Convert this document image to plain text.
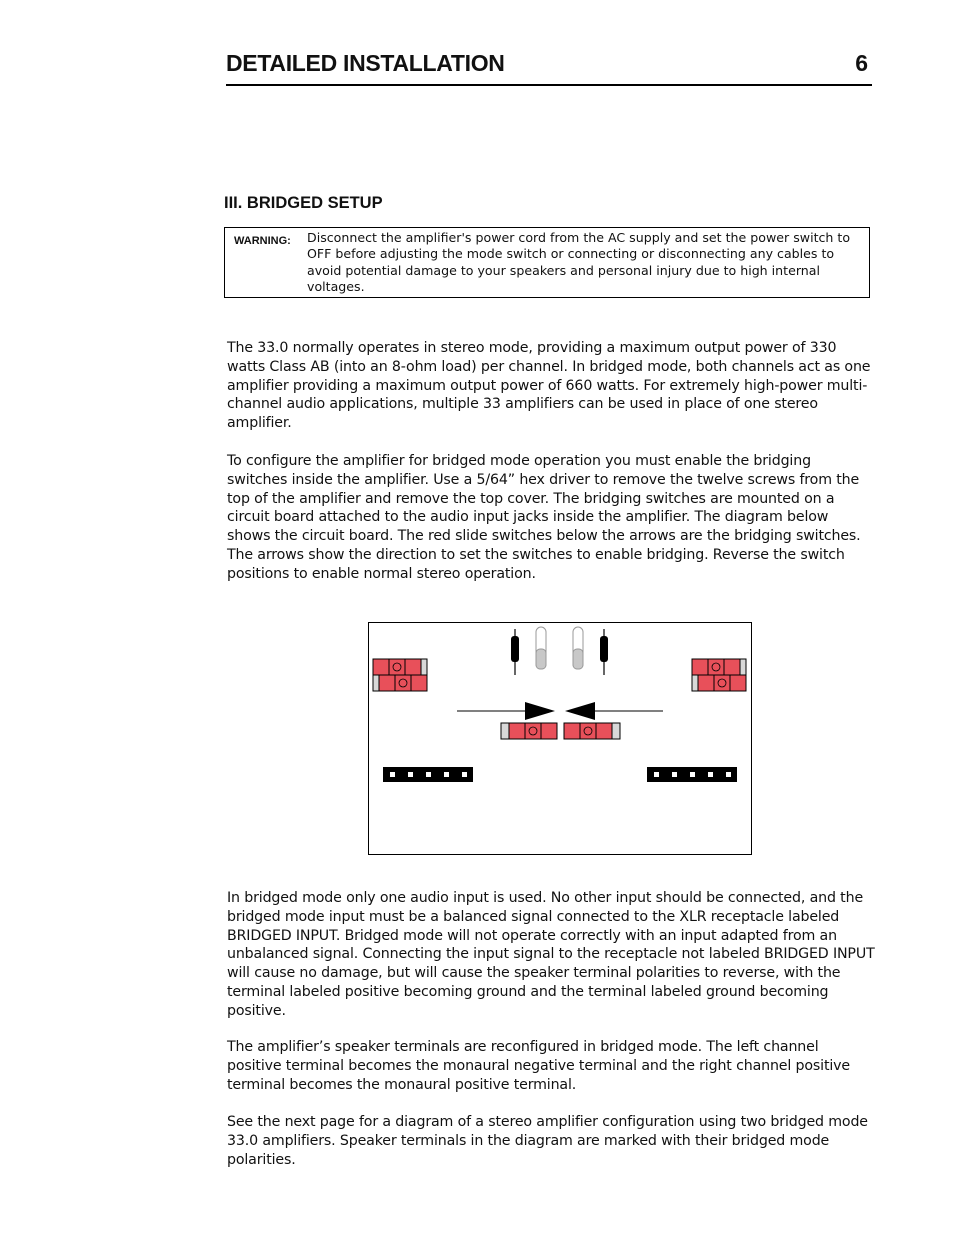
DETAILED INSTALLATION	6
III. BRIDGED SETUP
WARNING: Disconnect the amplifier's power cord from the AC supply and set the power switch to OFF before adjusting the mode switch or connecting or disconnecting any cables to avoid potential damage to your speakers and personal injury due to high internal voltages.

The 33.0 normally operates in stereo mode, providing a maximum output power of 330 watts Class AB (into an 8-ohm load) per channel. In bridged mode, both channels act as one amplifier providing a maximum output power of 660 watts. For extremely high-power multi-channel audio applications, multiple 33 amplifiers can be used in place of one stereo amplifier.

To configure the amplifier for bridged mode operation you must enable the bridging switches inside the amplifier. Use a 5/64” hex driver to remove the twelve screws from the top of the amplifier and remove the top cover. The bridging switches are mounted on a circuit board attached to the audio input jacks inside the amplifier. The diagram below shows the circuit board. The red slide switches below the arrows are the bridging switches. The arrows show the direction to set the switches to enable bridging. Reverse the switch positions to enable normal stereo operation.

In bridged mode only one audio input is used. No other input should be connected, and the bridged mode input must be a balanced signal connected to the XLR receptacle labeled BRIDGED INPUT. Bridged mode will not operate correctly with an input adapted from an unbalanced signal. Connecting the input signal to the receptacle not labeled BRIDGED INPUT will cause no damage, but will cause the speaker terminal polarities to reverse, with the terminal labeled positive becoming ground and the terminal labeled ground becoming positive.

The amplifier’s speaker terminals are reconfigured in bridged mode. The left channel positive terminal becomes the monaural negative terminal and the right channel positive terminal becomes the monaural positive terminal.

See the next page for a diagram of a stereo amplifier configuration using two bridged mode 33.0 amplifiers. Speaker terminals in the diagram are marked with their bridged mode polarities.
